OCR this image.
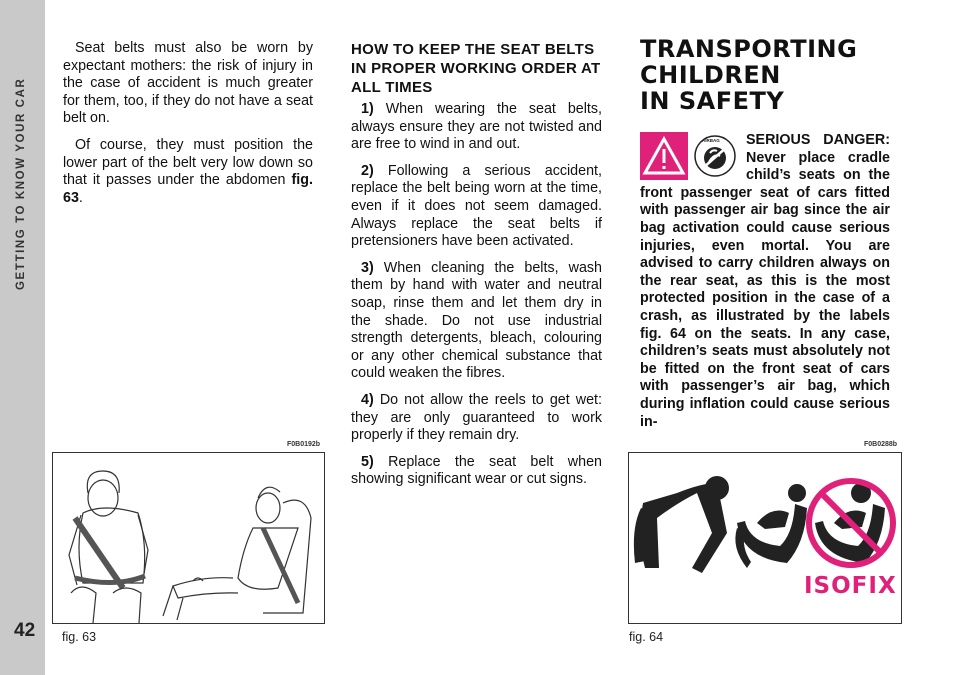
GETTING TO KNOW YOUR CAR
42

Seat belts must also be worn by expectant mothers: the risk of injury in the case of accident is much greater for them, too, if they do not have a seat belt on.

Of course, they must position the lower part of the belt very low down so that it passes under the abdomen fig. 63.

HOW TO KEEP THE SEAT BELTS IN PROPER WORKING ORDER AT ALL TIMES

1) When wearing the seat belts, always ensure they are not twisted and are free to wind in and out.

2) Following a serious accident, replace the belt being worn at the time, even if it does not seem damaged. Always replace the seat belts if pretensioners have been activated.

3) When cleaning the belts, wash them by hand with water and neutral soap, rinse them and let them dry in the shade. Do not use industrial strength detergents, bleach, colouring or any other chemical substance that could weaken the fibres.

4) Do not allow the reels to get wet: they are only guaranteed to work properly if they remain dry.

5) Replace the seat belt when showing significant wear or cut signs.

TRANSPORTING
CHILDREN
IN SAFETY
AIRBAG SERIOUS DANGER: Never place cradle child’s seats on the front passenger seat of cars fitted with passenger air bag since the air bag activation could cause serious injuries, even mortal. You are advised to carry children always on the rear seat, as this is the most protected position in the case of a crash, as illustrated by the labels fig. 64 on the seats. In any case, children’s seats must absolutely not be fitted on the front seat of cars with passenger’s air bag, which during inflation could cause serious in-
F0B0192b
fig. 63
F0B0288b
ISOFIX
fig. 64
